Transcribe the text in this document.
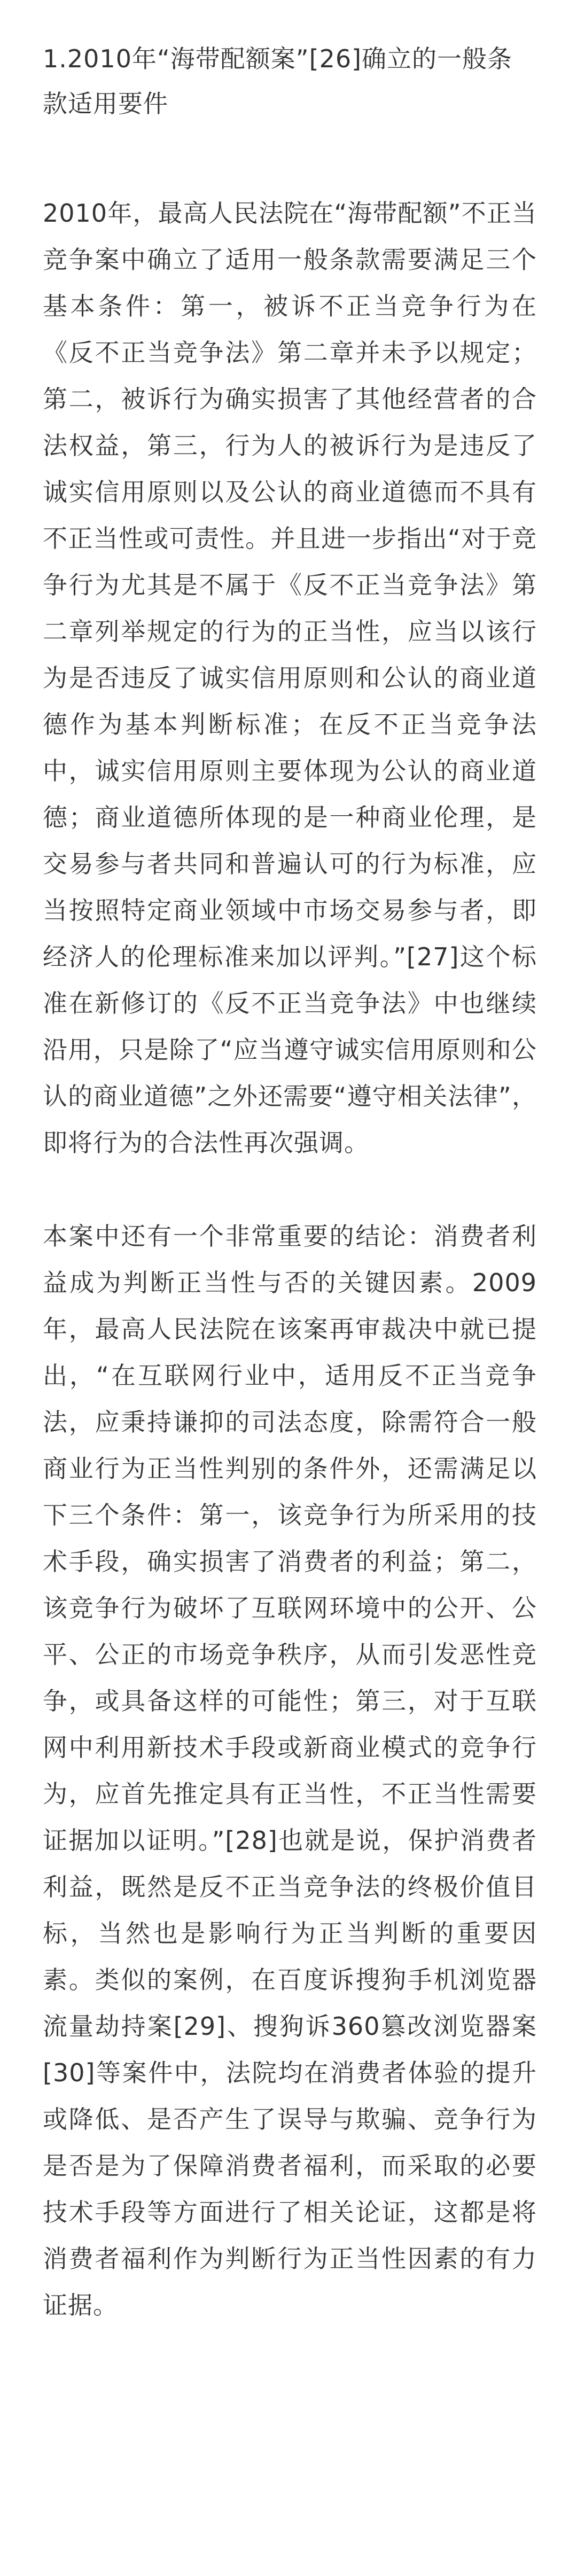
1.2010年“海带配额案”[26]确立的一般条款适用要件

2010年，最高人民法院在“海带配额”不正当竞争案中确立了适用一般条款需要满足三个基本条件：第一，被诉不正当竞争行为在《反不正当竞争法》第二章并未予以规定；第二，被诉行为确实损害了其他经营者的合法权益，第三，行为人的被诉行为是违反了诚实信用原则以及公认的商业道德而不具有不正当性或可责性。并且进一步指出“对于竞争行为尤其是不属于《反不正当竞争法》第二章列举规定的行为的正当性，应当以该行为是否违反了诚实信用原则和公认的商业道德作为基本判断标准；在反不正当竞争法中，诚实信用原则主要体现为公认的商业道德；商业道德所体现的是一种商业伦理，是交易参与者共同和普遍认可的行为标准，应当按照特定商业领域中市场交易参与者，即经济人的伦理标准来加以评判。”[27]这个标准在新修订的《反不正当竞争法》中也继续沿用，只是除了“应当遵守诚实信用原则和公认的商业道德”之外还需要“遵守相关法律”，即将行为的合法性再次强调。

本案中还有一个非常重要的结论：消费者利益成为判断正当性与否的关键因素。2009年，最高人民法院在该案再审裁决中就已提出，“在互联网行业中，适用反不正当竞争法，应秉持谦抑的司法态度，除需符合一般商业行为正当性判别的条件外，还需满足以下三个条件：第一，该竞争行为所采用的技术手段，确实损害了消费者的利益；第二，该竞争行为破坏了互联网环境中的公开、公平、公正的市场竞争秩序，从而引发恶性竞争，或具备这样的可能性；第三，对于互联网中利用新技术手段或新商业模式的竞争行为，应首先推定具有正当性，不正当性需要证据加以证明。”[28]也就是说，保护消费者利益，既然是反不正当竞争法的终极价值目标，当然也是影响行为正当判断的重要因素。类似的案例，在百度诉搜狗手机浏览器流量劫持案[29]、搜狗诉360篡改浏览器案[30]等案件中，法院均在消费者体验的提升或降低、是否产生了误导与欺骗、竞争行为是否是为了保障消费者福利，而采取的必要技术手段等方面进行了相关论证，这都是将消费者福利作为判断行为正当性因素的有力证据。
